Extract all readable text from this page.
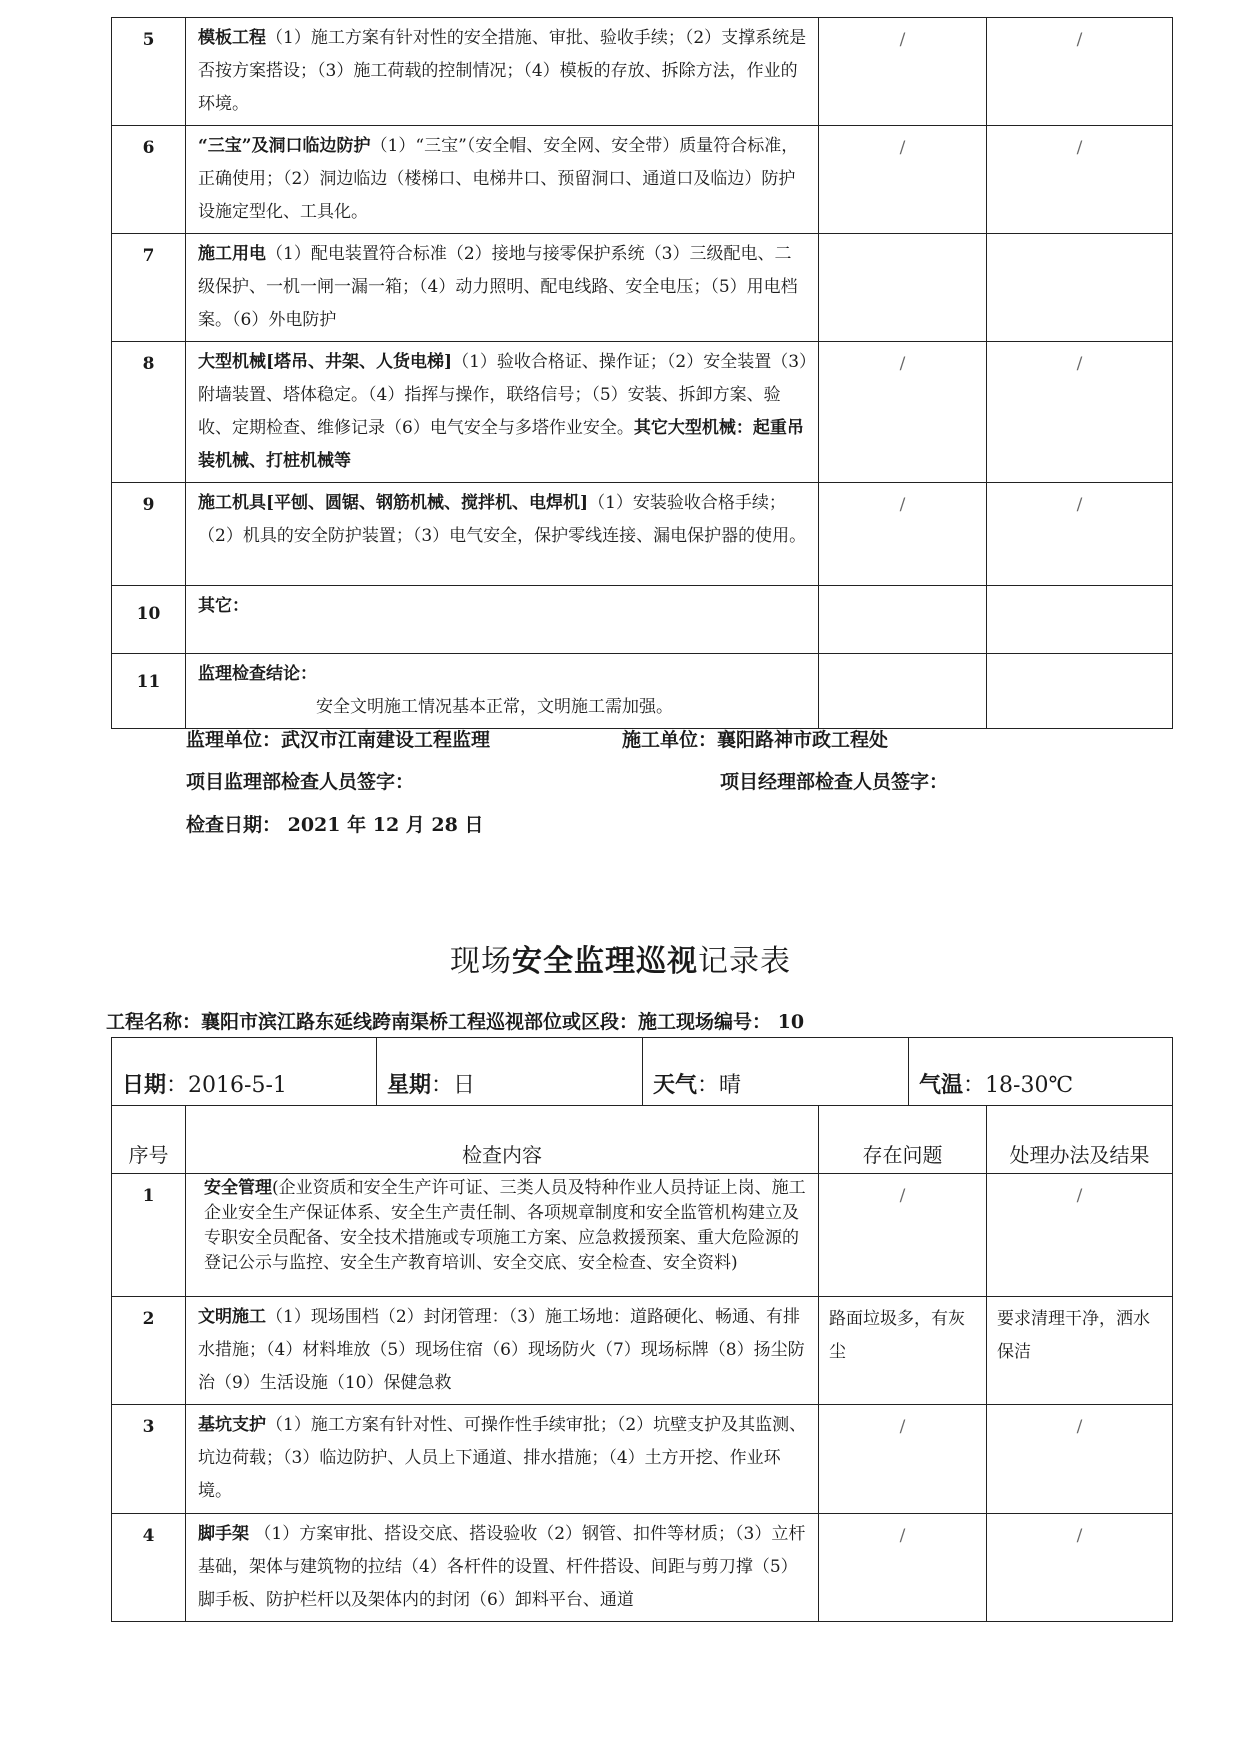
5	模板工程（1）施工方案有针对性的安全措施、审批、验收手续；（2）支撑系统是否按方案搭设；（3）施工荷载的控制情况；（4）模板的存放、拆除方法，作业的环境。	/	/
6	“三宝”及洞口临边防护（1）“三宝”（安全帽、安全网、安全带）质量符合标准，正确使用；（2）洞边临边（楼梯口、电梯井口、预留洞口、通道口及临边）防护设施定型化、工具化。	/	/
7	施工用电（1）配电装置符合标准（2）接地与接零保护系统（3）三级配电、二级保护、一机一闸一漏一箱；（4）动力照明、配电线路、安全电压；（5）用电档案。（6）外电防护		
8	大型机械[塔吊、井架、人货电梯]（1）验收合格证、操作证；（2）安全装置（3）附墙装置、塔体稳定。（4）指挥与操作，联络信号；（5）安装、拆卸方案、验收、定期检查、维修记录（6）电气安全与多塔作业安全。其它大型机械：起重吊装机械、打桩机械等	/	/
9	施工机具[平刨、圆锯、钢筋机械、搅拌机、电焊机]（1）安装验收合格手续；（2）机具的安全防护装置；（3）电气安全，保护零线连接、漏电保护器的使用。	/	/
10	其它：		
11	监理检查结论：
安全文明施工情况基本正常，文明施工需加强。		

监理单位：武汉市江南建设工程监理	施工单位：襄阳路神市政工程处
项目监理部检查人员签字：	项目经理部检查人员签字：
检查日期： 2021 年 12 月 28 日
现场安全监理巡视记录表
工程名称：襄阳市滨江路东延线跨南渠桥工程巡视部位或区段：施工现场编号： 10
日期：2016-5-1		星期：日	天气：晴		气温：18-30℃	
序号	检查内容			存在问题		处理办法及结果
1	安全管理(企业资质和安全生产许可证、三类人员及特种作业人员持证上岗、施工企业安全生产保证体系、安全生产责任制、各项规章制度和安全监管机构建立及专职安全员配备、安全技术措施或专项施工方案、应急救援预案、重大危险源的登记公示与监控、安全生产教育培训、安全交底、安全检查、安全资料)			/		/
2	文明施工（1）现场围档（2）封闭管理：（3）施工场地：道路硬化、畅通、有排水措施；（4）材料堆放（5）现场住宿（6）现场防火（7）现场标牌（8）扬尘防治（9）生活设施（10）保健急救			路面垃圾多，有灰尘		要求清理干净，洒水保洁
3	基坑支护（1）施工方案有针对性、可操作性手续审批；（2）坑壁支护及其监测、坑边荷载；（3）临边防护、人员上下通道、排水措施；（4）土方开挖、作业环境。			/		/
4	脚手架 （1）方案审批、搭设交底、搭设验收（2）钢管、扣件等材质；（3）立杆基础，架体与建筑物的拉结（4）各杆件的设置、杆件搭设、间距与剪刀撑（5）脚手板、防护栏杆以及架体内的封闭（6）卸料平台、通道			/		/
